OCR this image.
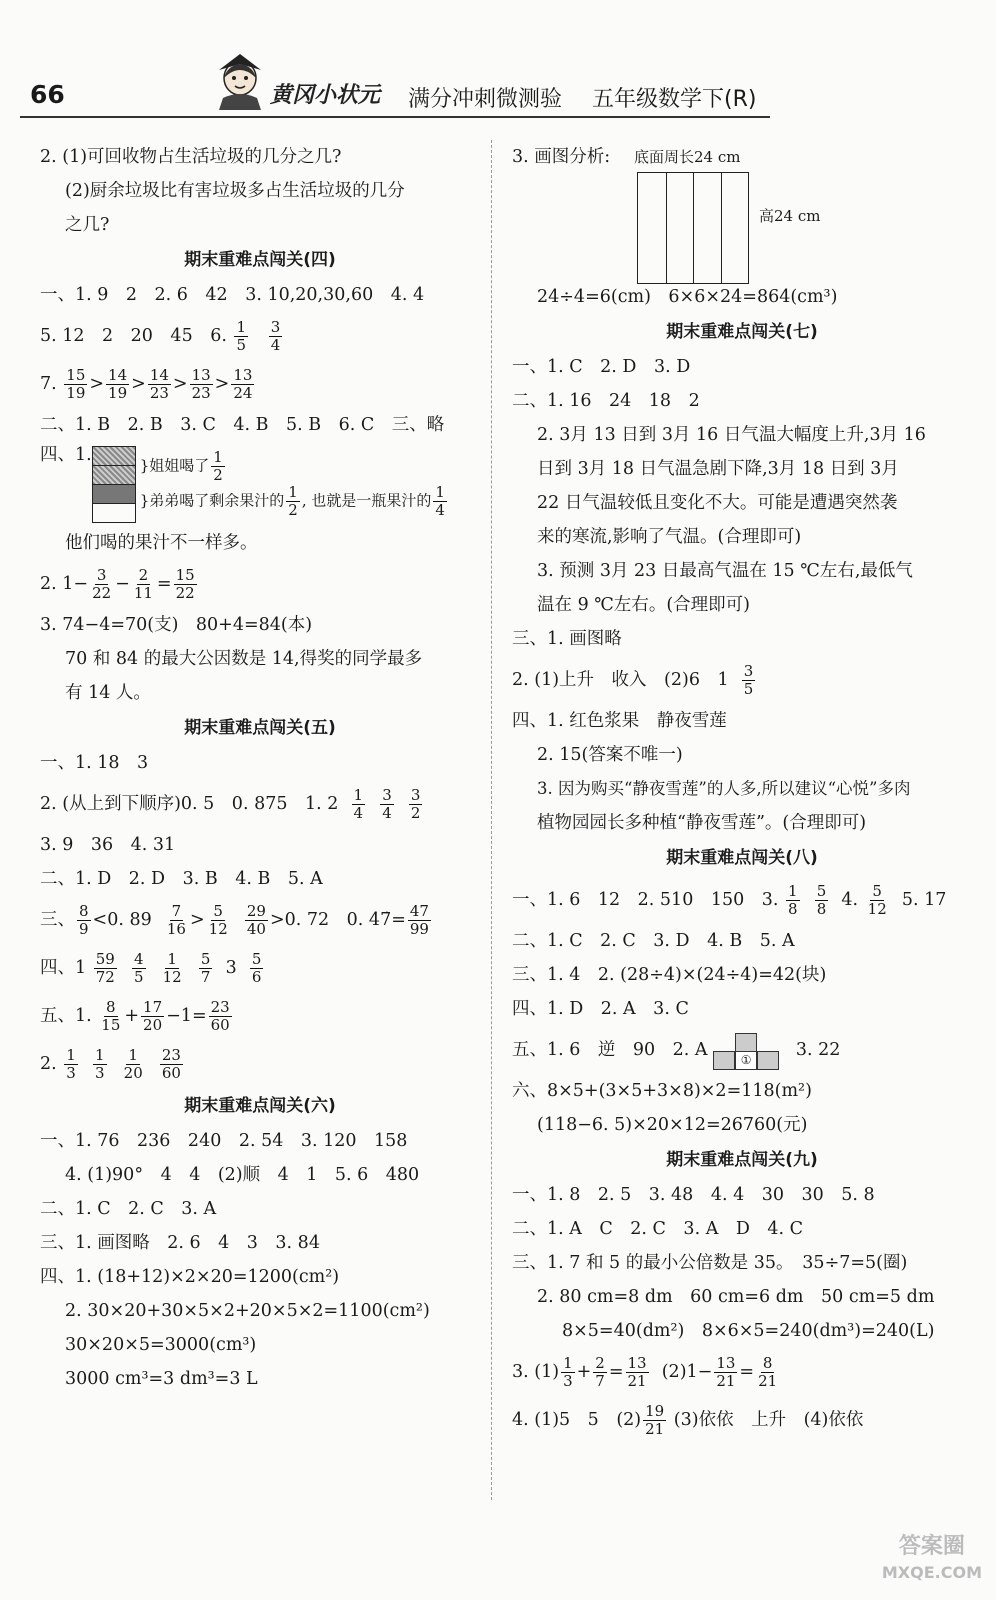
66	黄冈小状元 满分冲刺微测验 五年级数学下(R)
2. (1)可回收物占生活垃圾的几分之几?
(2)厨余垃圾比有害垃圾多占生活垃圾的几分
之几?
期末重难点闯关(四)
一、1. 9　2　2. 6　42　3. 10,20,30,60　4. 4
5. 12　2　20　45　6. $\frac{1}{5}$
$\frac{3}{4}$
7. $\frac{15}{19} > \frac{14}{19} > \frac{14}{23} > \frac{13}{23} > \frac{13}{24}$
二、1. B　2. B　3. C　4. B　5. B　6. C　三、略
四、1.
}姐姐喝了 $\frac{1}{2}$
}弟弟喝了剩余果汁的 $\frac{1}{2}$ , 也就是一瓶果汁的 $\frac{1}{4}$
他们喝的果汁不一样多。
2. $1- \frac{3}{22} - \frac{2}{11} = \frac{15}{22}$
3. 74−4=70(支)　80+4=84(本)
70 和 84 的最大公因数是 14,得奖的同学最多
有 14 人。
期末重难点闯关(五)
一、1. 18　3
2. (从上到下顺序)0. 5　0. 875　1. $2 \frac{1}{4}$
$\frac{3}{4}$
$\frac{3}{2}$
3. 9　36　4. 31
二、1. D　2. D　3. B　4. B　5. A
三、 $\frac{8}{9} <0$. $89 \frac{7}{16} > \frac{5}{12}$
$\frac{29}{40} >0$. 72　0. 4̇7̇= $\frac{47}{99}$
四、$1 \frac{59}{72}$
$\frac{4}{5}$
$\frac{1}{12}$
$\frac{5}{7} 3 \frac{5}{6}$
五、1. $\frac{8}{15} + \frac{17}{20} -1= \frac{23}{60}$
2. $\frac{1}{3}$
$\frac{1}{3}$
$\frac{1}{20}$
$\frac{23}{60}$
期末重难点闯关(六)
一、1. 76　236　240　2. 54　3. 120　158
4. (1)90°　4　4　(2)顺　4　1　5. 6　480
二、1. C　2. C　3. A
三、1. 画图略　2. 6　4　3　3. 84
四、1. (18+12)×2×20=1200(cm²)
2. 30×20+30×5×2+20×5×2=1100(cm²)
30×20×5=3000(cm³)
3000 cm³=3 dm³=3 L
3. 画图分析: 底面周长24 cm
高24 cm
24÷4=6(cm)　6×6×24=864(cm³)
期末重难点闯关(七)
一、1. C　2. D　3. D
二、1. 16　24　18　2
2. 3月 13 日到 3月 16 日气温大幅度上升,3月 16
日到 3月 18 日气温急剧下降,3月 18 日到 3月
22 日气温较低且变化不大。可能是遭遇突然袭
来的寒流,影响了气温。(合理即可)
3. 预测 3月 23 日最高气温在 15 ℃左右,最低气
温在 9 ℃左右。(合理即可)
三、1. 画图略
2. (1)上升　收入　(2)6　$1 \frac{3}{5}$
四、1. 红色浆果　静夜雪莲
2. 15(答案不唯一)
3. 因为购买“静夜雪莲”的人多,所以建议“心悦”多肉
植物园园长多种植“静夜雪莲”。(合理即可)
期末重难点闯关(八)
一、1. 6　12　2. 510　150　3. $\frac{1}{8}$
$\frac{5}{8} 4$. $\frac{5}{12} 5$. 17
二、1. C　2. C　3. D　4. B　5. A
三、1. 4　2. (28÷4)×(24÷4)=42(块)
四、1. D　2. A　3. C
五、1. 6　逆　90　2. A	①	3. 22
六、8×5+(3×5+3×8)×2=118(m²)
(118−6. 5)×20×12=26760(元)
期末重难点闯关(九)
一、1. 8　2. 5　3. 48　4. 4　30　30　5. 8
二、1. A　C　2. C　3. A　D　4. C
三、1. 7 和 5 的最小公倍数是 35。　35÷7=5(圈)
2. 80 cm=8 dm　60 cm=6 dm　50 cm=5 dm
8×5=40(dm²)　8×6×5=240(dm³)=240(L)
3. $(1) \frac{1}{3} + \frac{2}{7} = \frac{13}{21} (2)1- \frac{13}{21} = \frac{8}{21}$
4. (1)5　5　$(2) \frac{19}{21} (3)$依依　上升　(4)依依
答案圈
MXQE.COM
